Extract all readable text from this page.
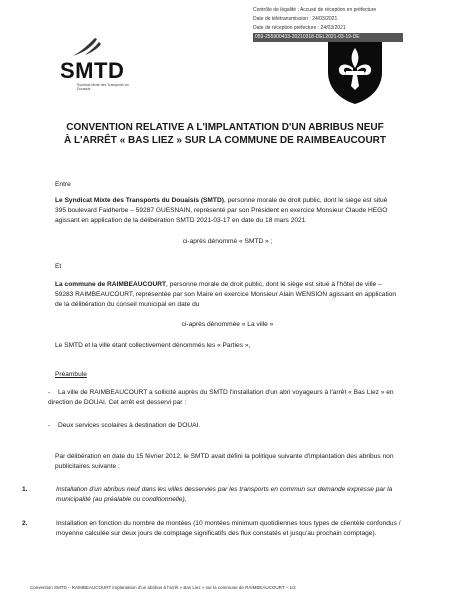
Contrôle de légalité : Accusé de réception en préfecture
Date de télétransmission : 24/03/2021
Date de réception préfecture : 24/03/2021
059-255900433-20210318-DEL2021-03-19-DE
SMTD
Syndicat Mixte des Transports du Douaisis
CONVENTION RELATIVE A L'IMPLANTATION D'UN ABRIBUS NEUF
À L'ARRÊT « BAS LIEZ » SUR LA COMMUNE DE RAIMBEAUCOURT
Entre
Le Syndicat Mixte des Transports du Douaisis (SMTD), personne morale de droit public, dont le siège est situé 395 boulevard Faidherbe – 59287 GUESNAIN, représenté par son Président en exercice Monsieur Claude HEGO agissant en application de la délibération SMTD 2021-03-17 en date du 18 mars 2021
ci-après dénommé « SMTD » ;
Et
La commune de RAIMBEAUCOURT, personne morale de droit public, dont le siège est situé à l'hôtel de ville – 59283 RAIMBEAUCOURT, représentée par son Maire en exercice Monsieur Alain WENSION agissant en application de la délibération du conseil municipal en date du
ci-après dénommée « La ville »
Le SMTD et la ville étant collectivement dénommés les « Parties »,
Préambule
- La ville de RAIMBEAUCOURT a sollicité auprès du SMTD l'installation d'un abri voyageurs à l'arrêt « Bas Liez » en direction de DOUAI. Cet arrêt est desservi par :
- Deux services scolaires à destination de DOUAI.
Par délibération en date du 15 février 2012, le SMTD avait défini la politique suivante d'implantation des abribus non publicitaires suivante :
1.	Installation d'un abribus neuf dans les villes desservies par les transports en commun sur demande expresse par la municipalité (au préalable ou conditionnelle),
2.	Installation en fonction du nombre de montées (10 montées minimum quotidiennes tous types de clientèle confondus / moyenne calculée sur deux jours de comptage significatifs des flux constatés et jusqu'au prochain comptage).
Convention SMTD – RAIMBEAUCOURT implantation d'un abribus à l'arrêt « Bas Liez » sur la commune de RAIMBEAUCOURT – 1/2
